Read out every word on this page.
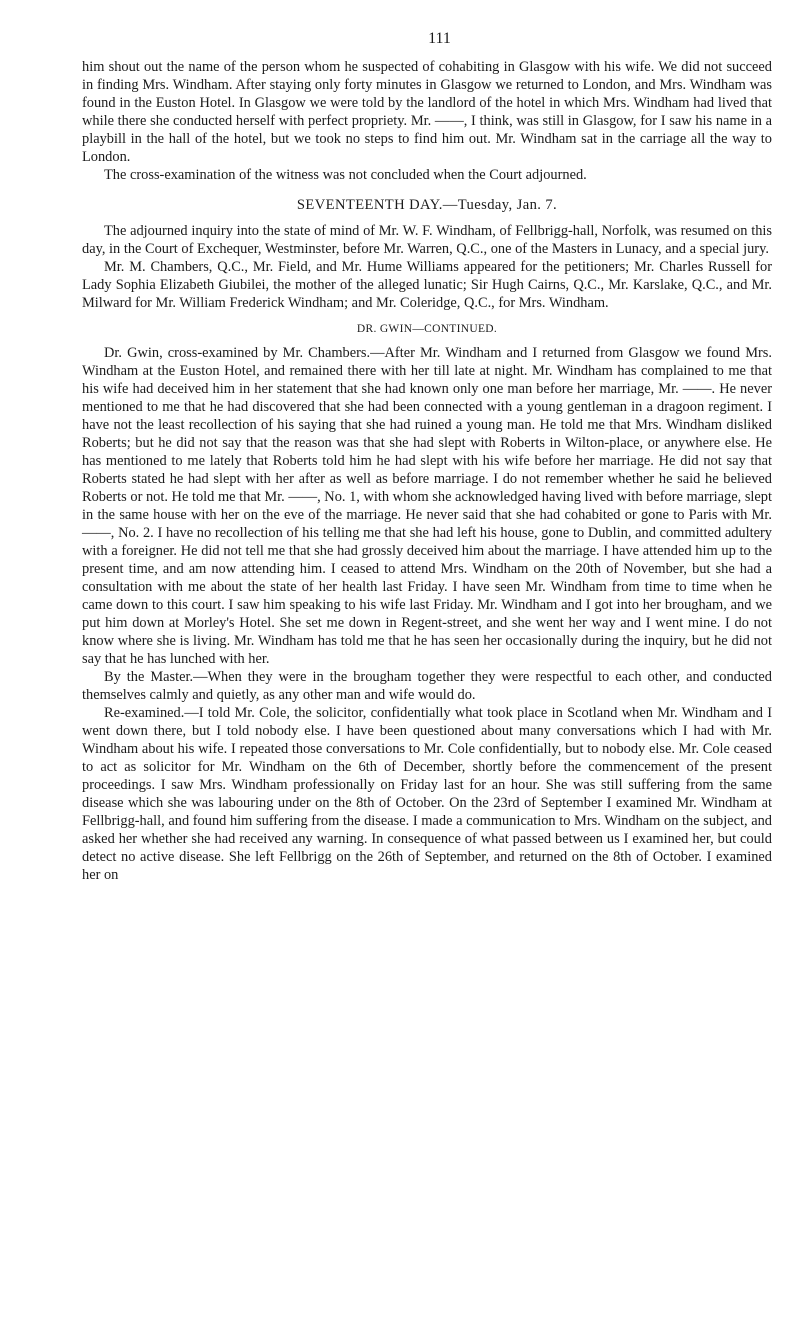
111

him shout out the name of the person whom he suspected of cohabiting in Glasgow with his wife. We did not succeed in finding Mrs. Windham. After staying only forty minutes in Glasgow we returned to London, and Mrs. Windham was found in the Euston Hotel. In Glasgow we were told by the landlord of the hotel in which Mrs. Windham had lived that while there she conducted herself with perfect propriety. Mr. ——, I think, was still in Glasgow, for I saw his name in a playbill in the hall of the hotel, but we took no steps to find him out. Mr. Windham sat in the carriage all the way to London.

The cross-examination of the witness was not concluded when the Court adjourned.

SEVENTEENTH DAY.—Tuesday, Jan. 7.

The adjourned inquiry into the state of mind of Mr. W. F. Windham, of Fellbrigg-hall, Norfolk, was resumed on this day, in the Court of Exchequer, Westminster, before Mr. Warren, Q.C., one of the Masters in Lunacy, and a special jury.

Mr. M. Chambers, Q.C., Mr. Field, and Mr. Hume Williams appeared for the petitioners; Mr. Charles Russell for Lady Sophia Elizabeth Giubilei, the mother of the alleged lunatic; Sir Hugh Cairns, Q.C., Mr. Karslake, Q.C., and Mr. Milward for Mr. William Frederick Windham; and Mr. Coleridge, Q.C., for Mrs. Windham.

DR. GWIN—CONTINUED.

Dr. Gwin, cross-examined by Mr. Chambers.—After Mr. Windham and I returned from Glasgow we found Mrs. Windham at the Euston Hotel, and remained there with her till late at night. Mr. Windham has complained to me that his wife had deceived him in her statement that she had known only one man before her marriage, Mr. ——. He never mentioned to me that he had discovered that she had been connected with a young gentleman in a dragoon regiment. I have not the least recollection of his saying that she had ruined a young man. He told me that Mrs. Windham disliked Roberts; but he did not say that the reason was that she had slept with Roberts in Wilton-place, or anywhere else. He has mentioned to me lately that Roberts told him he had slept with his wife before her marriage. He did not say that Roberts stated he had slept with her after as well as before marriage. I do not remember whether he said he believed Roberts or not. He told me that Mr. ——, No. 1, with whom she acknowledged having lived with before marriage, slept in the same house with her on the eve of the marriage. He never said that she had cohabited or gone to Paris with Mr. ——, No. 2. I have no recollection of his telling me that she had left his house, gone to Dublin, and committed adultery with a foreigner. He did not tell me that she had grossly deceived him about the marriage. I have attended him up to the present time, and am now attending him. I ceased to attend Mrs. Windham on the 20th of November, but she had a consultation with me about the state of her health last Friday. I have seen Mr. Windham from time to time when he came down to this court. I saw him speaking to his wife last Friday. Mr. Windham and I got into her brougham, and we put him down at Morley's Hotel. She set me down in Regent-street, and she went her way and I went mine. I do not know where she is living. Mr. Windham has told me that he has seen her occasionally during the inquiry, but he did not say that he has lunched with her.

By the Master.—When they were in the brougham together they were respectful to each other, and conducted themselves calmly and quietly, as any other man and wife would do.

Re-examined.—I told Mr. Cole, the solicitor, confidentially what took place in Scotland when Mr. Windham and I went down there, but I told nobody else. I have been questioned about many conversations which I had with Mr. Windham about his wife. I repeated those conversations to Mr. Cole confidentially, but to nobody else. Mr. Cole ceased to act as solicitor for Mr. Windham on the 6th of December, shortly before the commencement of the present proceedings. I saw Mrs. Windham professionally on Friday last for an hour. She was still suffering from the same disease which she was labouring under on the 8th of October. On the 23rd of September I examined Mr. Windham at Fellbrigg-hall, and found him suffering from the disease. I made a communication to Mrs. Windham on the subject, and asked her whether she had received any warning. In consequence of what passed between us I examined her, but could detect no active disease. She left Fellbrigg on the 26th of September, and returned on the 8th of October. I examined her on
